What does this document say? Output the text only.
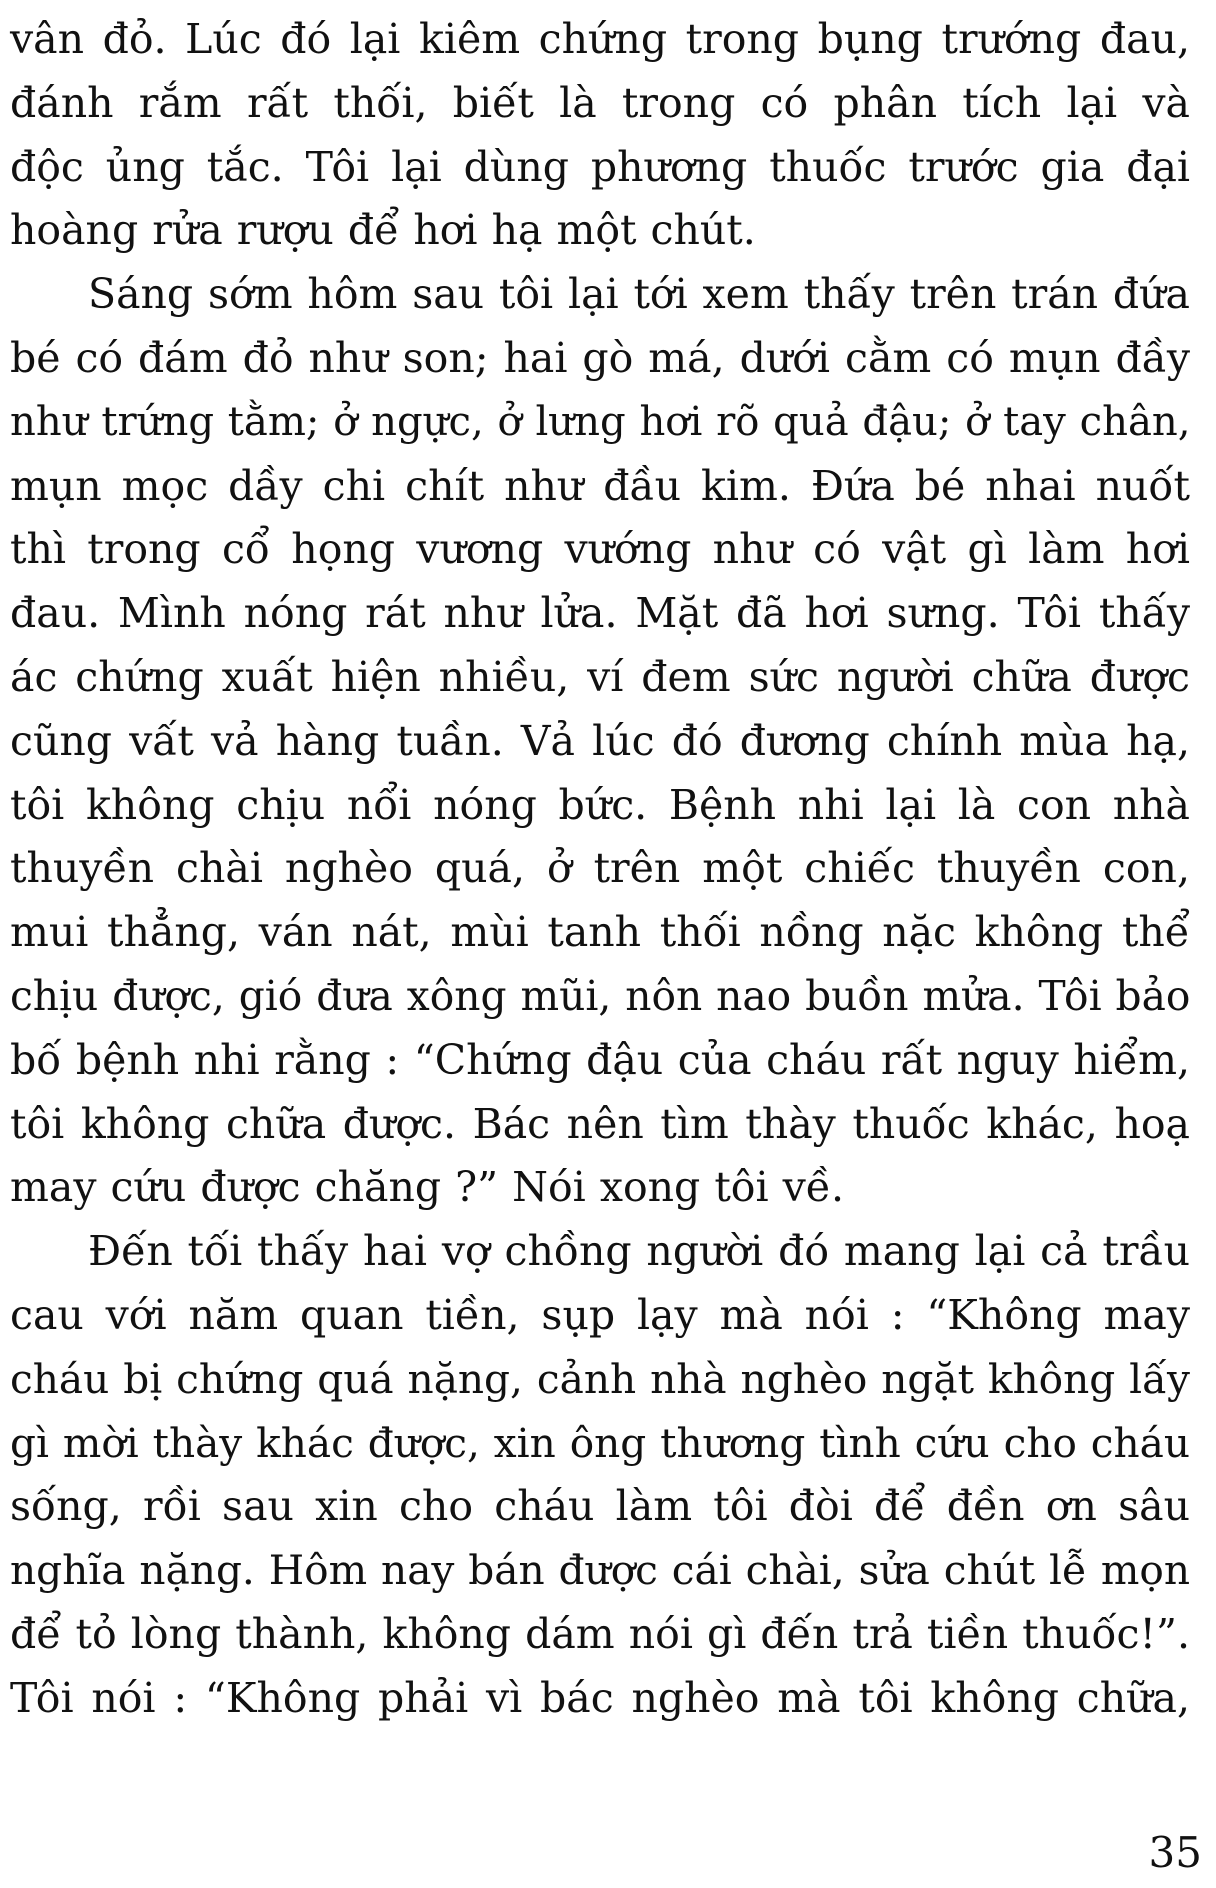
vân đỏ. Lúc đó lại kiêm chứng trong bụng trướng đau,
đánh rắm rất thối, biết là trong có phân tích lại và
độc ủng tắc. Tôi lại dùng phương thuốc trước gia đại
hoàng rửa rượu để hơi hạ một chút.

Sáng sớm hôm sau tôi lại tới xem thấy trên trán đứa
bé có đám đỏ như son; hai gò má, dưới cằm có mụn đầy
như trứng tằm; ở ngực, ở lưng hơi rõ quả đậu; ở tay chân,
mụn mọc dầy chi chít như đầu kim. Đứa bé nhai nuốt
thì trong cổ họng vương vướng như có vật gì làm hơi
đau. Mình nóng rát như lửa. Mặt đã hơi sưng. Tôi thấy
ác chứng xuất hiện nhiều, ví đem sức người chữa được
cũng vất vả hàng tuần. Vả lúc đó đương chính mùa hạ,
tôi không chịu nổi nóng bức. Bệnh nhi lại là con nhà
thuyền chài nghèo quá, ở trên một chiếc thuyền con,
mui thẳng, ván nát, mùi tanh thối nồng nặc không thể
chịu được, gió đưa xông mũi, nôn nao buồn mửa. Tôi bảo
bố bệnh nhi rằng : “Chứng đậu của cháu rất nguy hiểm,
tôi không chữa được. Bác nên tìm thày thuốc khác, hoạ
may cứu được chăng ?” Nói xong tôi về.

Đến tối thấy hai vợ chồng người đó mang lại cả trầu
cau với năm quan tiền, sụp lạy mà nói : “Không may
cháu bị chứng quá nặng, cảnh nhà nghèo ngặt không lấy
gì mời thày khác được, xin ông thương tình cứu cho cháu
sống, rồi sau xin cho cháu làm tôi đòi để đền ơn sâu
nghĩa nặng. Hôm nay bán được cái chài, sửa chút lễ mọn
để tỏ lòng thành, không dám nói gì đến trả tiền thuốc!”.
Tôi nói : “Không phải vì bác nghèo mà tôi không chữa,

35
